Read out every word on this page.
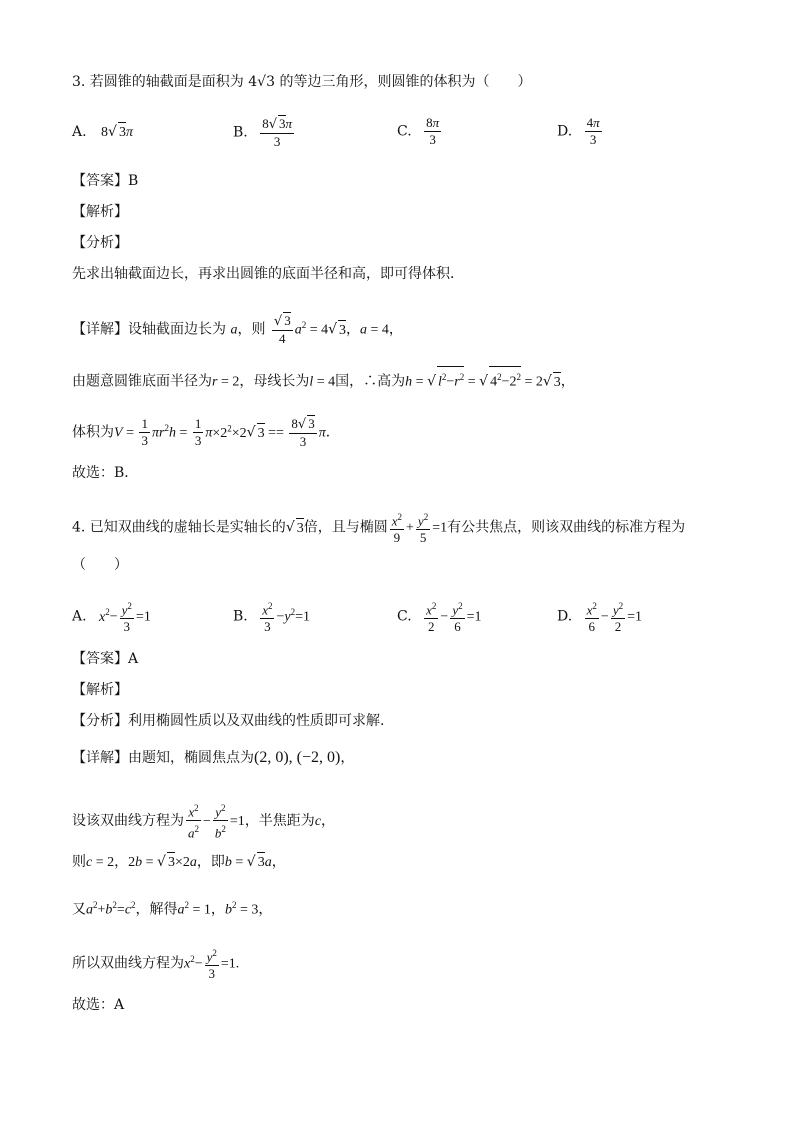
3. 若圆锥的轴截面是面积为 4√3 的等边三角形，则圆锥的体积为（　　）
A. 8√ 3π	B. $\frac{8√ 3\pi}{3}$	C. $\frac{8\pi}{3}$	D. $\frac{4\pi}{3}$
【答案】B
【解析】
【分析】
先求出轴截面边长，再求出圆锥的底面半径和高，即可得体积．
【详解】设轴截面边长为 a，则 $\frac{√ 3}{4} a^2 = 4√$ 3，a = 4，
由题意圆锥底面半径为r = 2，母线长为l = 4国，∴高为h = √ $l^2-r^2$ = √ $4^2-2^2 = 2√$ 3，
体积为$V = \frac{1}{3} \pi r^2h = \frac{1}{3} \pi\times 2^2\times 2√$ $3 == \frac{8√ 3}{3}$ π．
故选：B．
4. 已知双曲线的虚轴长是实轴长的√ 3倍，且与椭圆 $\frac{x^2}{9} + \frac{y^2}{5} =1$有公共焦点，则该双曲线的标准方程为
（　　）
A. $x^2- \frac{y^2}{3} =1$	B. $\frac{x^2}{3} -y^2=1$	C. $\frac{x^2}{2} - \frac{y^2}{6} =1$	D. $\frac{x^2}{6} - \frac{y^2}{2} =1$
【答案】A
【解析】
【分析】利用椭圆性质以及双曲线的性质即可求解.
【详解】由题知，椭圆焦点为(2, 0), (−2, 0)，
设该双曲线方程为 $\frac{x^2}{a^2} - \frac{y^2}{b^2} =1$，半焦距为c，
则c = 2，2b = √ 3×2a，即b = √ 3a，
又$a^2+b^2=c^2$，解得$a^2 = 1$，$b^2 = 3$，
所以双曲线方程为$x^2- \frac{y^2}{3} =1$.
故选：A
